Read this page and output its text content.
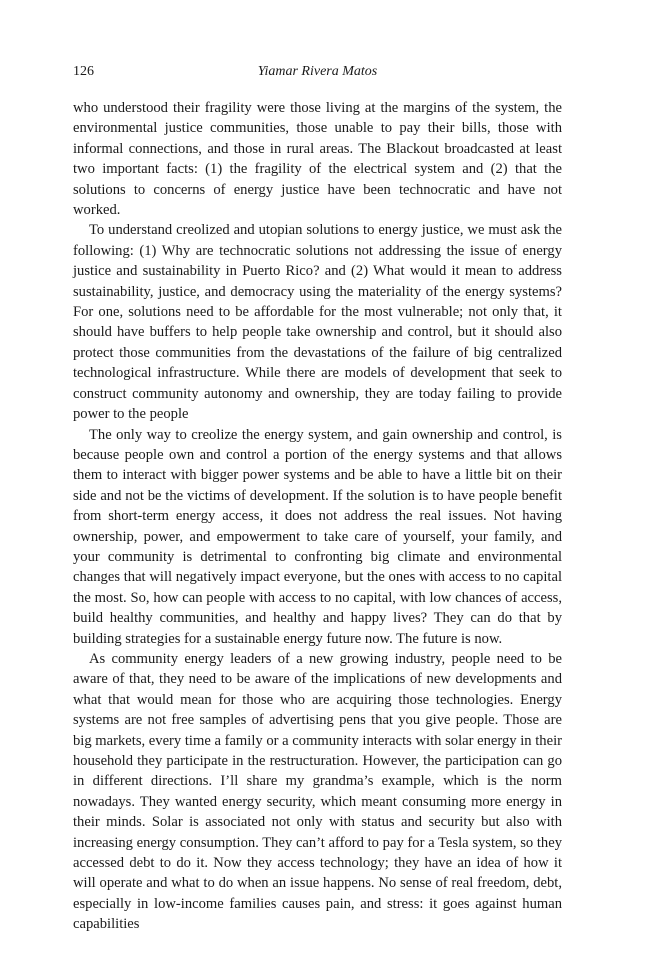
126	Yiamar Rivera Matos

who understood their fragility were those living at the margins of the system, the environmental justice communities, those unable to pay their bills, those with informal connections, and those in rural areas. The Blackout broadcasted at least two important facts: (1) the fragility of the electrical system and (2) that the solutions to concerns of energy justice have been technocratic and have not worked.

To understand creolized and utopian solutions to energy justice, we must ask the following: (1) Why are technocratic solutions not addressing the issue of energy justice and sustainability in Puerto Rico? and (2) What would it mean to address sustainability, justice, and democracy using the materiality of the energy systems? For one, solutions need to be affordable for the most vulnerable; not only that, it should have buffers to help people take ownership and control, but it should also protect those communities from the devastations of the failure of big centralized technological infrastructure. While there are models of development that seek to construct community autonomy and ownership, they are today failing to provide power to the people

The only way to creolize the energy system, and gain ownership and control, is because people own and control a portion of the energy systems and that allows them to interact with bigger power systems and be able to have a little bit on their side and not be the victims of development. If the solution is to have people benefit from short-term energy access, it does not address the real issues. Not having ownership, power, and empowerment to take care of yourself, your family, and your community is detrimental to confronting big climate and environmental changes that will negatively impact everyone, but the ones with access to no capital the most. So, how can people with access to no capital, with low chances of access, build healthy communities, and healthy and happy lives? They can do that by building strategies for a sustainable energy future now. The future is now.

As community energy leaders of a new growing industry, people need to be aware of that, they need to be aware of the implications of new developments and what that would mean for those who are acquiring those technologies. Energy systems are not free samples of advertising pens that you give people. Those are big markets, every time a family or a community interacts with solar energy in their household they participate in the restructuration. However, the participation can go in different directions. I’ll share my grandma’s example, which is the norm nowadays. They wanted energy security, which meant consuming more energy in their minds. Solar is associated not only with status and security but also with increasing energy consumption. They can’t afford to pay for a Tesla system, so they accessed debt to do it. Now they access technology; they have an idea of how it will operate and what to do when an issue happens. No sense of real freedom, debt, especially in low-income families causes pain, and stress: it goes against human capabilities
